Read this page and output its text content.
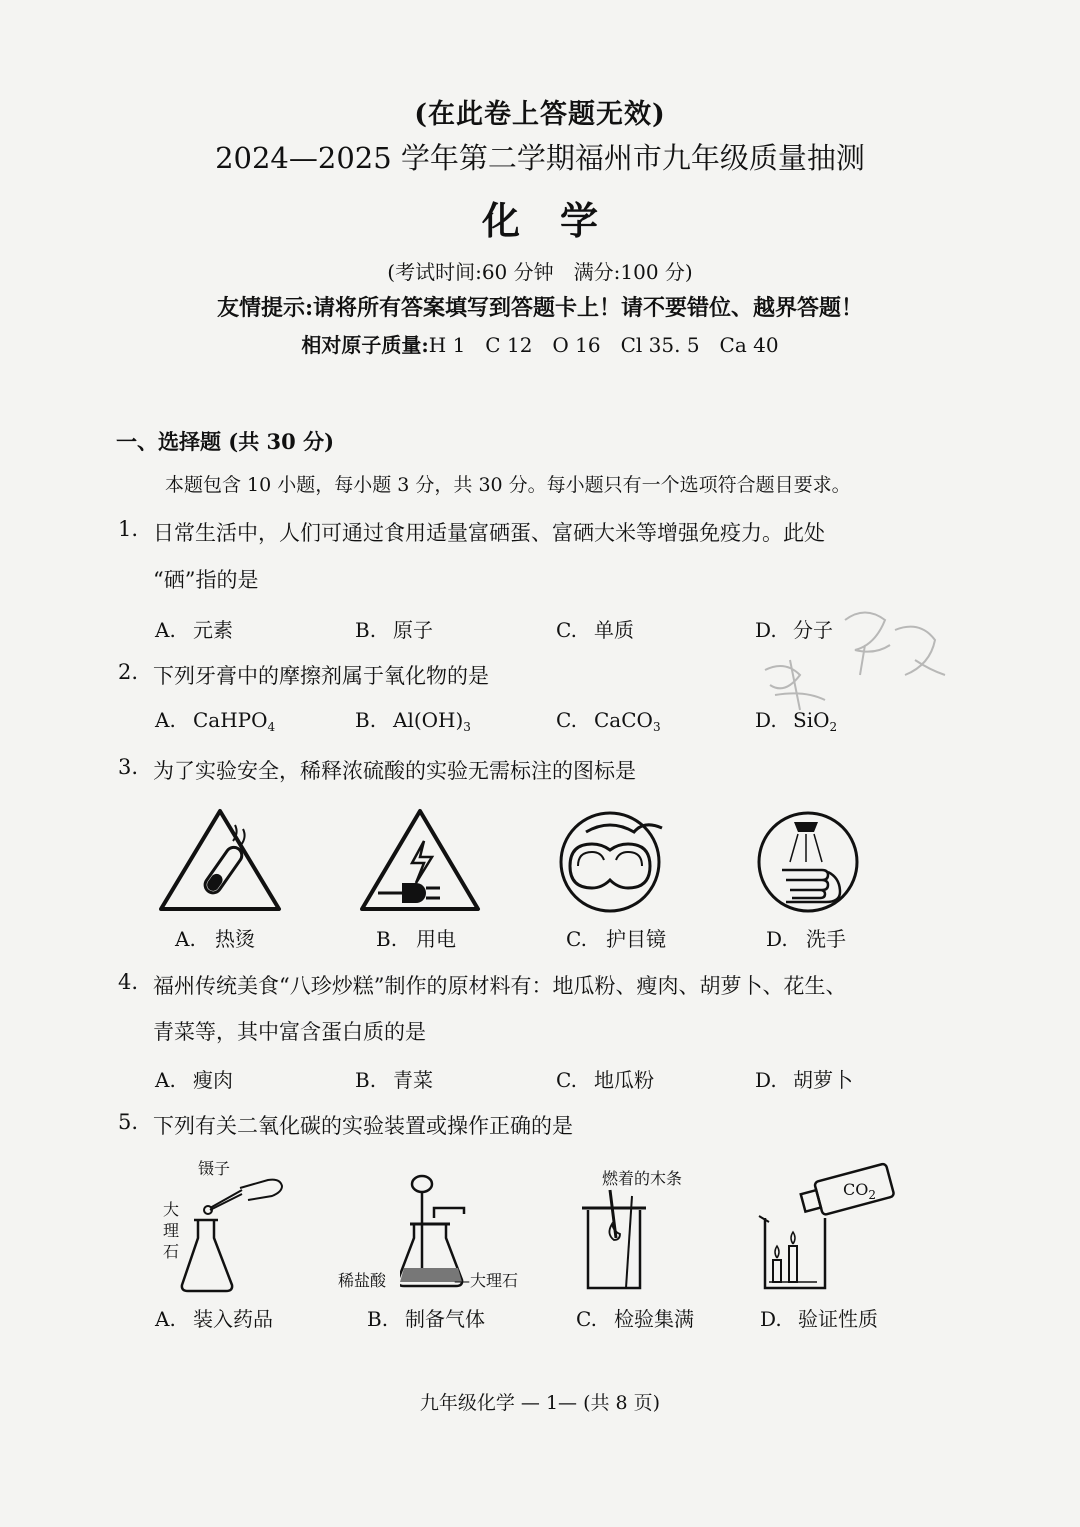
(在此卷上答题无效)
2024—2025 学年第二学期福州市九年级质量抽测
化学
(考试时间:60 分钟　满分:100 分)
友情提示:请将所有答案填写到答题卡上！请不要错位、越界答题！
相对原子质量:H 1　C 12　O 16　Cl 35. 5　Ca 40
一、选择题 (共 30 分)
本题包含 10 小题，每小题 3 分，共 30 分。每小题只有一个选项符合题目要求。
1. 日常生活中，人们可通过食用适量富硒蛋、富硒大米等增强免疫力。此处
“硒”指的是
A. 元素	B. 原子	C. 单质	D. 分子
2. 下列牙膏中的摩擦剂属于氧化物的是
A. CaHPO$_4$	B. $Al(OH)_3$	C. CaCO$_3$	D. SiO$_2$
3. 为了实验安全，稀释浓硫酸的实验无需标注的图标是
A. 热烫	B. 用电	C. 护目镜	D. 洗手
4. 福州传统美食“八珍炒糕”制作的原材料有：地瓜粉、瘦肉、胡萝卜、花生、
青菜等，其中富含蛋白质的是
A. 瘦肉	B. 青菜	C. 地瓜粉	D. 胡萝卜
5. 下列有关二氧化碳的实验装置或操作正确的是
镊子
大
理
石
稀盐酸	—大理石
燃着的木条
$CO_2$
A. 装入药品	B. 制备气体	C. 检验集满	D. 验证性质
九年级化学 — 1— (共 8 页)
